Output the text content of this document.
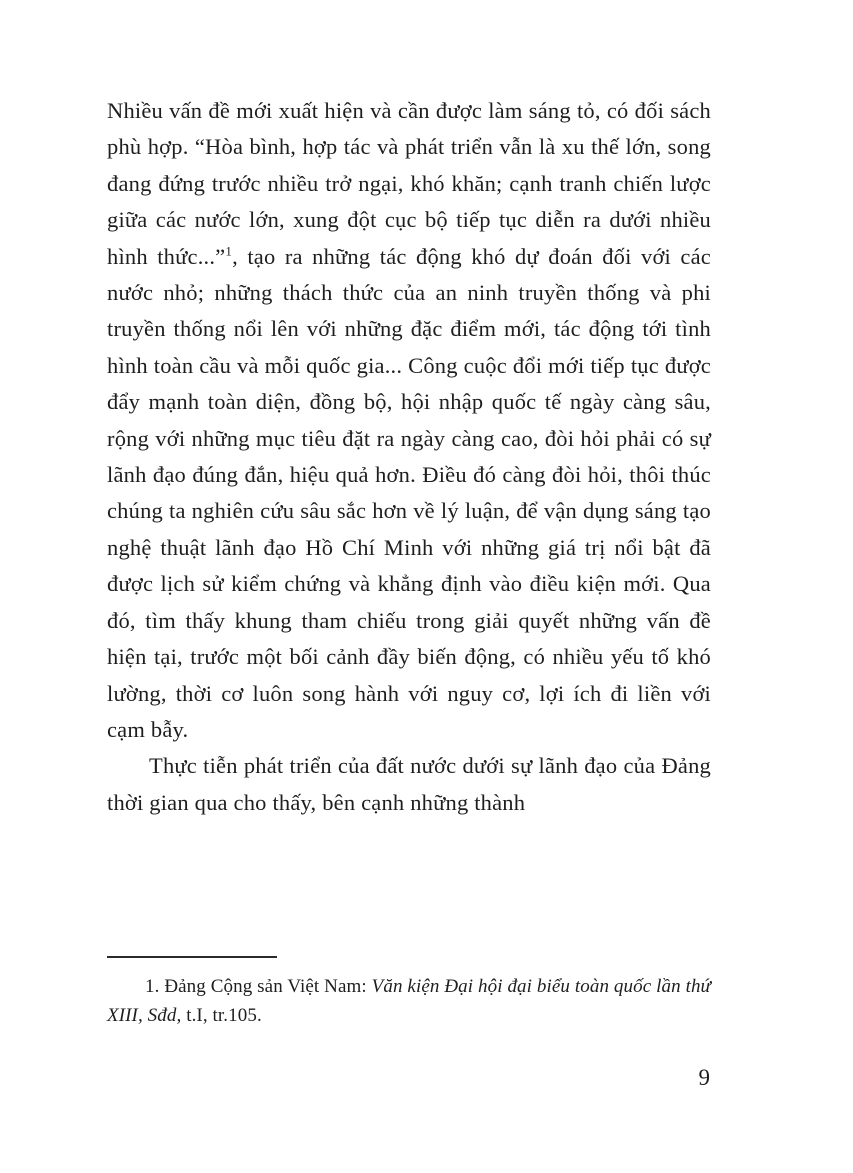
Nhiều vấn đề mới xuất hiện và cần được làm sáng tỏ, có đối sách phù hợp. “Hòa bình, hợp tác và phát triển vẫn là xu thế lớn, song đang đứng trước nhiều trở ngại, khó khăn; cạnh tranh chiến lược giữa các nước lớn, xung đột cục bộ tiếp tục diễn ra dưới nhiều hình thức...”$^1$, tạo ra những tác động khó dự đoán đối với các nước nhỏ; những thách thức của an ninh truyền thống và phi truyền thống nổi lên với những đặc điểm mới, tác động tới tình hình toàn cầu và mỗi quốc gia... Công cuộc đổi mới tiếp tục được đẩy mạnh toàn diện, đồng bộ, hội nhập quốc tế ngày càng sâu, rộng với những mục tiêu đặt ra ngày càng cao, đòi hỏi phải có sự lãnh đạo đúng đắn, hiệu quả hơn. Điều đó càng đòi hỏi, thôi thúc chúng ta nghiên cứu sâu sắc hơn về lý luận, để vận dụng sáng tạo nghệ thuật lãnh đạo Hồ Chí Minh với những giá trị nổi bật đã được lịch sử kiểm chứng và khẳng định vào điều kiện mới. Qua đó, tìm thấy khung tham chiếu trong giải quyết những vấn đề hiện tại, trước một bối cảnh đầy biến động, có nhiều yếu tố khó lường, thời cơ luôn song hành với nguy cơ, lợi ích đi liền với cạm bẫy.

Thực tiễn phát triển của đất nước dưới sự lãnh đạo của Đảng thời gian qua cho thấy, bên cạnh những thành

1. Đảng Cộng sản Việt Nam: Văn kiện Đại hội đại biểu toàn quốc lần thứ XIII, Sđd, t.I, tr.105.

9
